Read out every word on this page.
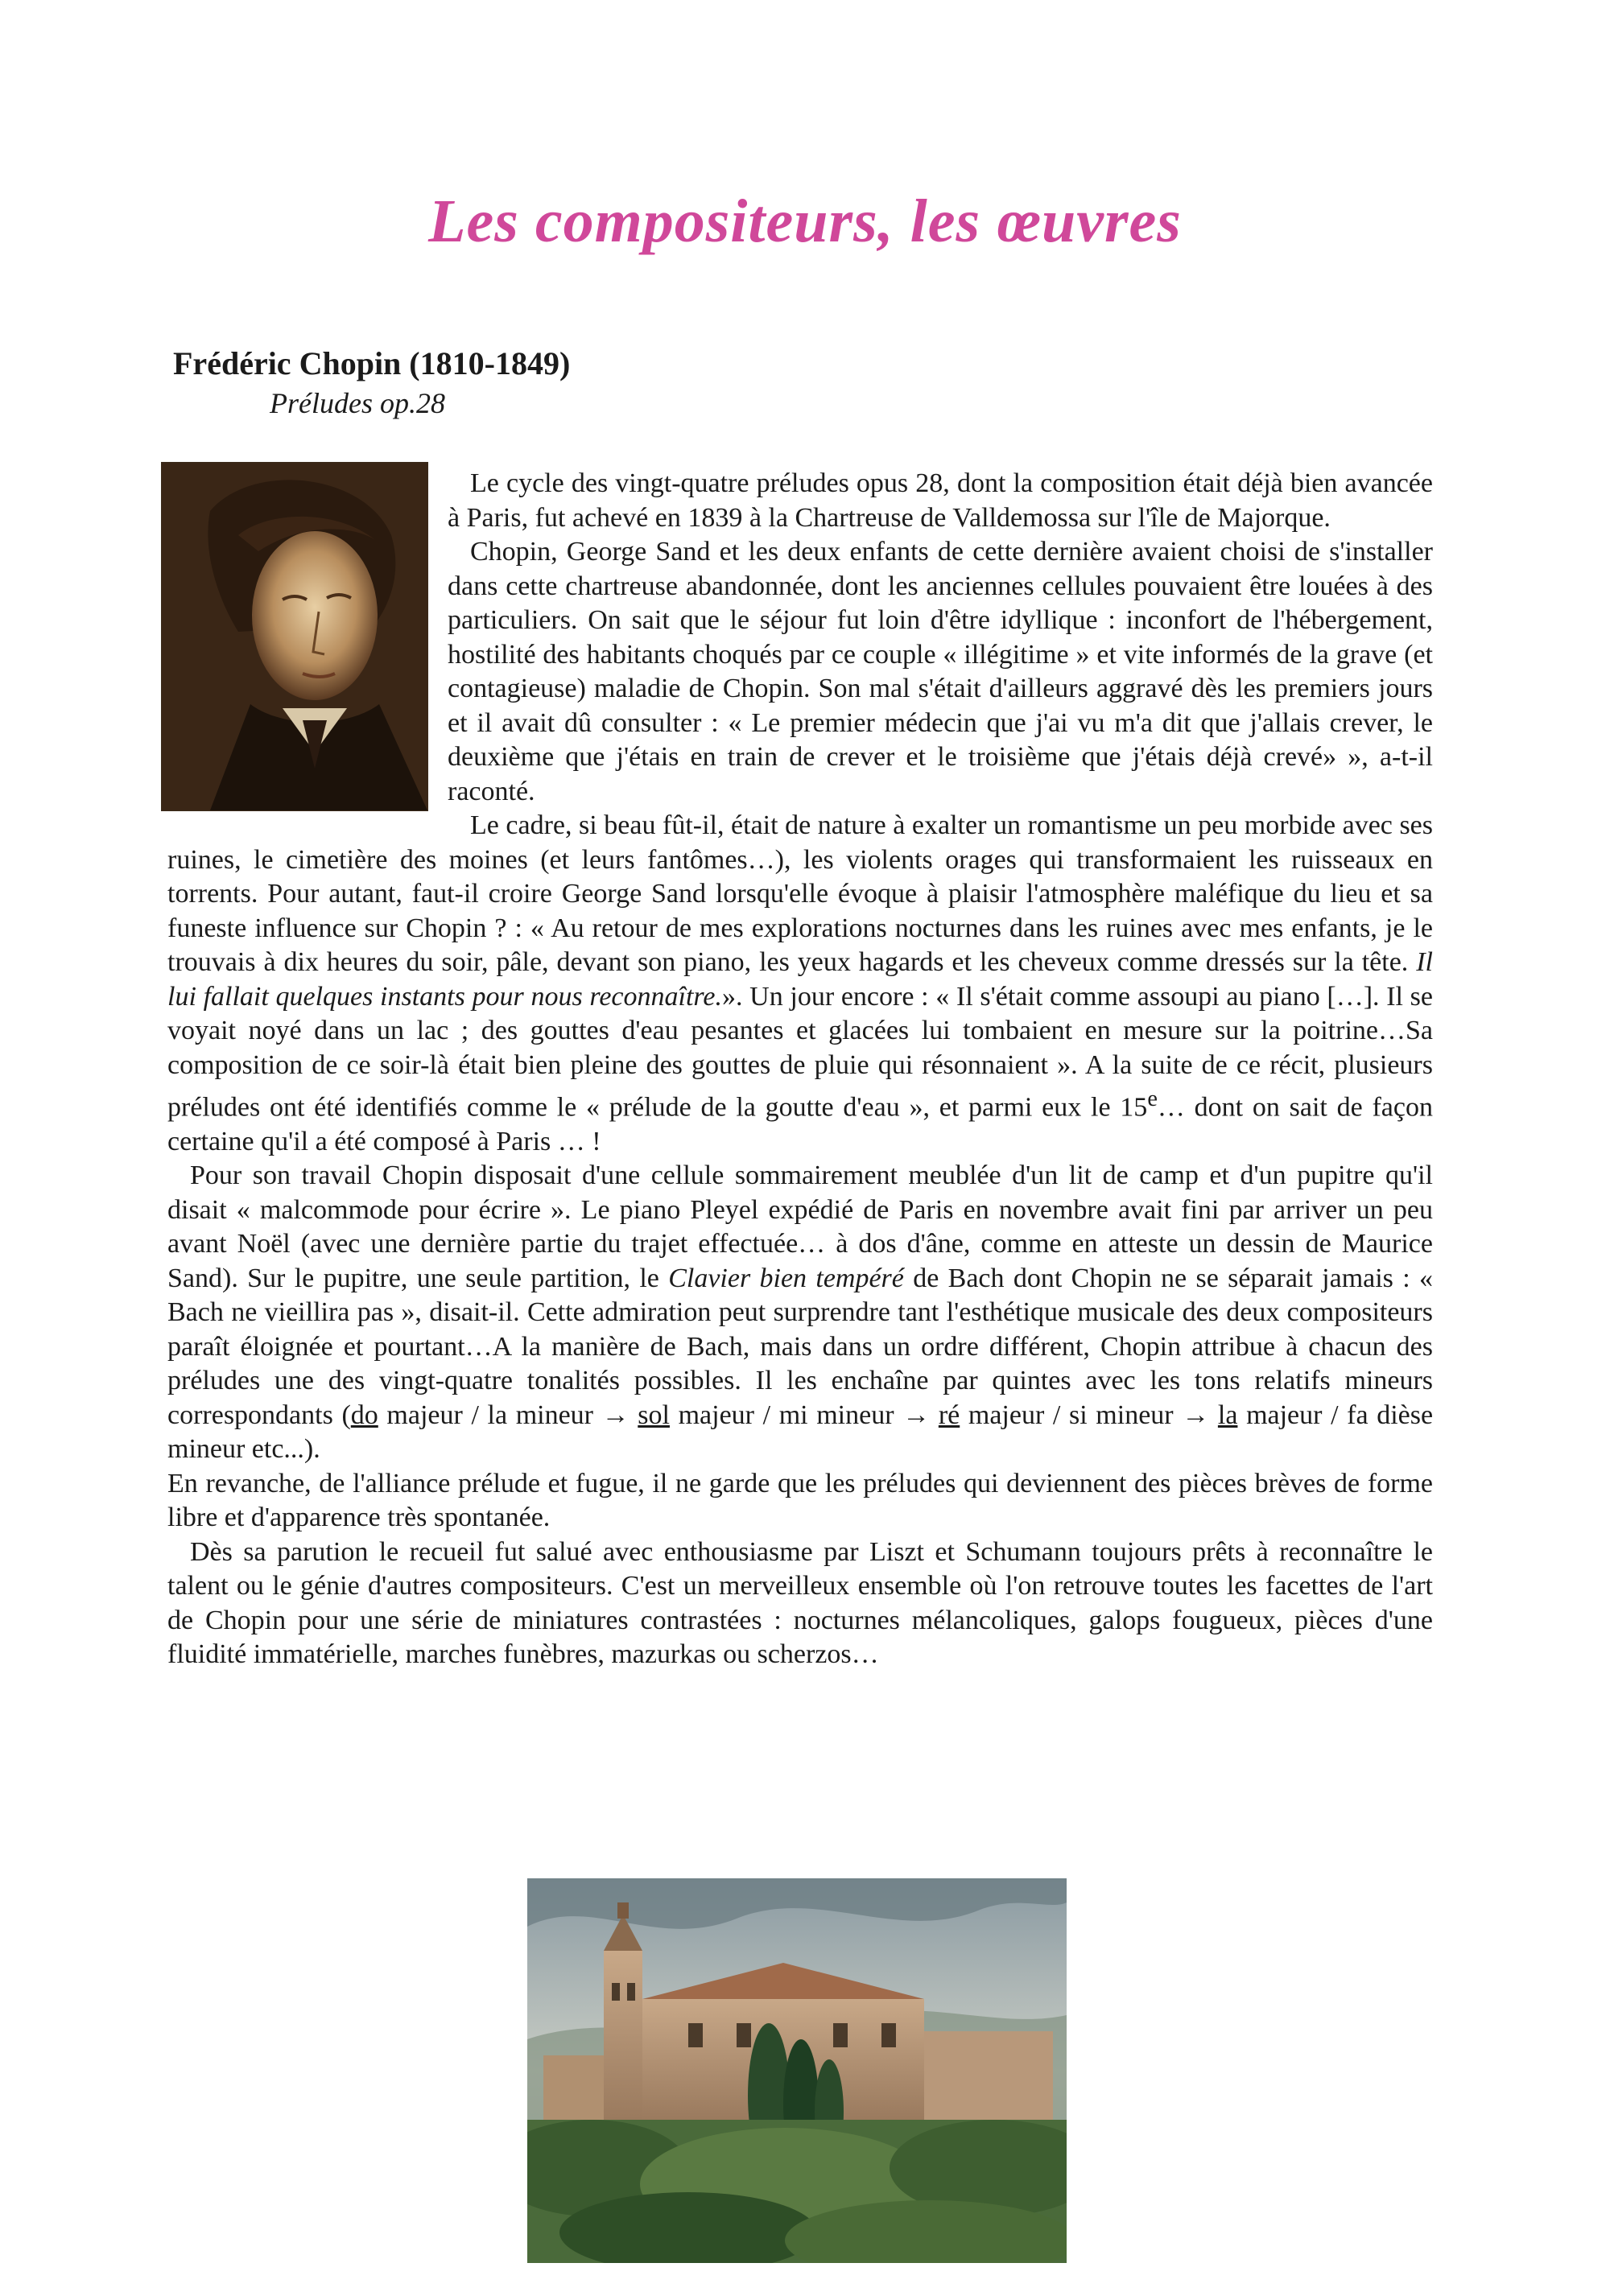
Les compositeurs, les œuvres

Frédéric Chopin (1810-1849)

Préludes op.28

Le cycle des vingt-quatre préludes opus 28, dont la composition était déjà bien avancée à Paris, fut achevé en 1839 à la Chartreuse de Valldemossa sur l'île de Majorque.

Chopin, George Sand et les deux enfants de cette dernière avaient choisi de s'installer dans cette chartreuse abandonnée, dont les anciennes cellules pouvaient être louées à des particuliers. On sait que le séjour fut loin d'être idyllique : inconfort de l'hébergement, hostilité des habitants choqués par ce couple « illégitime » et vite informés de la grave (et contagieuse) maladie de Chopin. Son mal s'était d'ailleurs aggravé dès les premiers jours et il avait dû consulter : « Le premier médecin que j'ai vu m'a dit que j'allais crever, le deuxième que j'étais en train de crever et le troisième que j'étais déjà crevé» », a-t-il raconté.

Le cadre, si beau fût-il, était de nature à exalter un romantisme un peu morbide avec ses ruines, le cimetière des moines (et leurs fantômes…), les violents orages qui transformaient les ruisseaux en torrents. Pour autant, faut-il croire George Sand lorsqu'elle évoque à plaisir l'atmosphère maléfique du lieu et sa funeste influence sur Chopin ? : « Au retour de mes explorations nocturnes dans les ruines avec mes enfants, je le trouvais à dix heures du soir, pâle, devant son piano, les yeux hagards et les cheveux comme dressés sur la tête. Il lui fallait quelques instants pour nous reconnaître.». Un jour encore : « Il s'était comme assoupi au piano […]. Il se voyait noyé dans un lac ; des gouttes d'eau pesantes et glacées lui tombaient en mesure sur la poitrine…Sa composition de ce soir-là était bien pleine des gouttes de pluie qui résonnaient ». A la suite de ce récit, plusieurs préludes ont été identifiés comme le « prélude de la goutte d'eau », et parmi eux le 15e… dont on sait de façon certaine qu'il a été composé à Paris … !

Pour son travail Chopin disposait d'une cellule sommairement meublée d'un lit de camp et d'un pupitre qu'il disait « malcommode pour écrire ». Le piano Pleyel expédié de Paris en novembre avait fini par arriver un peu avant Noël (avec une dernière partie du trajet effectuée… à dos d'âne, comme en atteste un dessin de Maurice Sand). Sur le pupitre, une seule partition, le Clavier bien tempéré de Bach dont Chopin ne se séparait jamais : « Bach ne vieillira pas », disait-il. Cette admiration peut surprendre tant l'esthétique musicale des deux compositeurs paraît éloignée et pourtant…A la manière de Bach, mais dans un ordre différent, Chopin attribue à chacun des préludes une des vingt-quatre tonalités possibles. Il les enchaîne par quintes avec les tons relatifs mineurs correspondants (do majeur / la mineur → sol majeur / mi mineur → ré majeur / si mineur → la majeur / fa dièse mineur etc...).

En revanche, de l'alliance prélude et fugue, il ne garde que les préludes qui deviennent des pièces brèves de forme libre et d'apparence très spontanée.

Dès sa parution le recueil fut salué avec enthousiasme par Liszt et Schumann toujours prêts à reconnaître le talent ou le génie d'autres compositeurs. C'est un merveilleux ensemble où l'on retrouve toutes les facettes de l'art de Chopin pour une série de miniatures contrastées : nocturnes mélancoliques, galops fougueux, pièces d'une fluidité immatérielle, marches funèbres, mazurkas ou scherzos…
